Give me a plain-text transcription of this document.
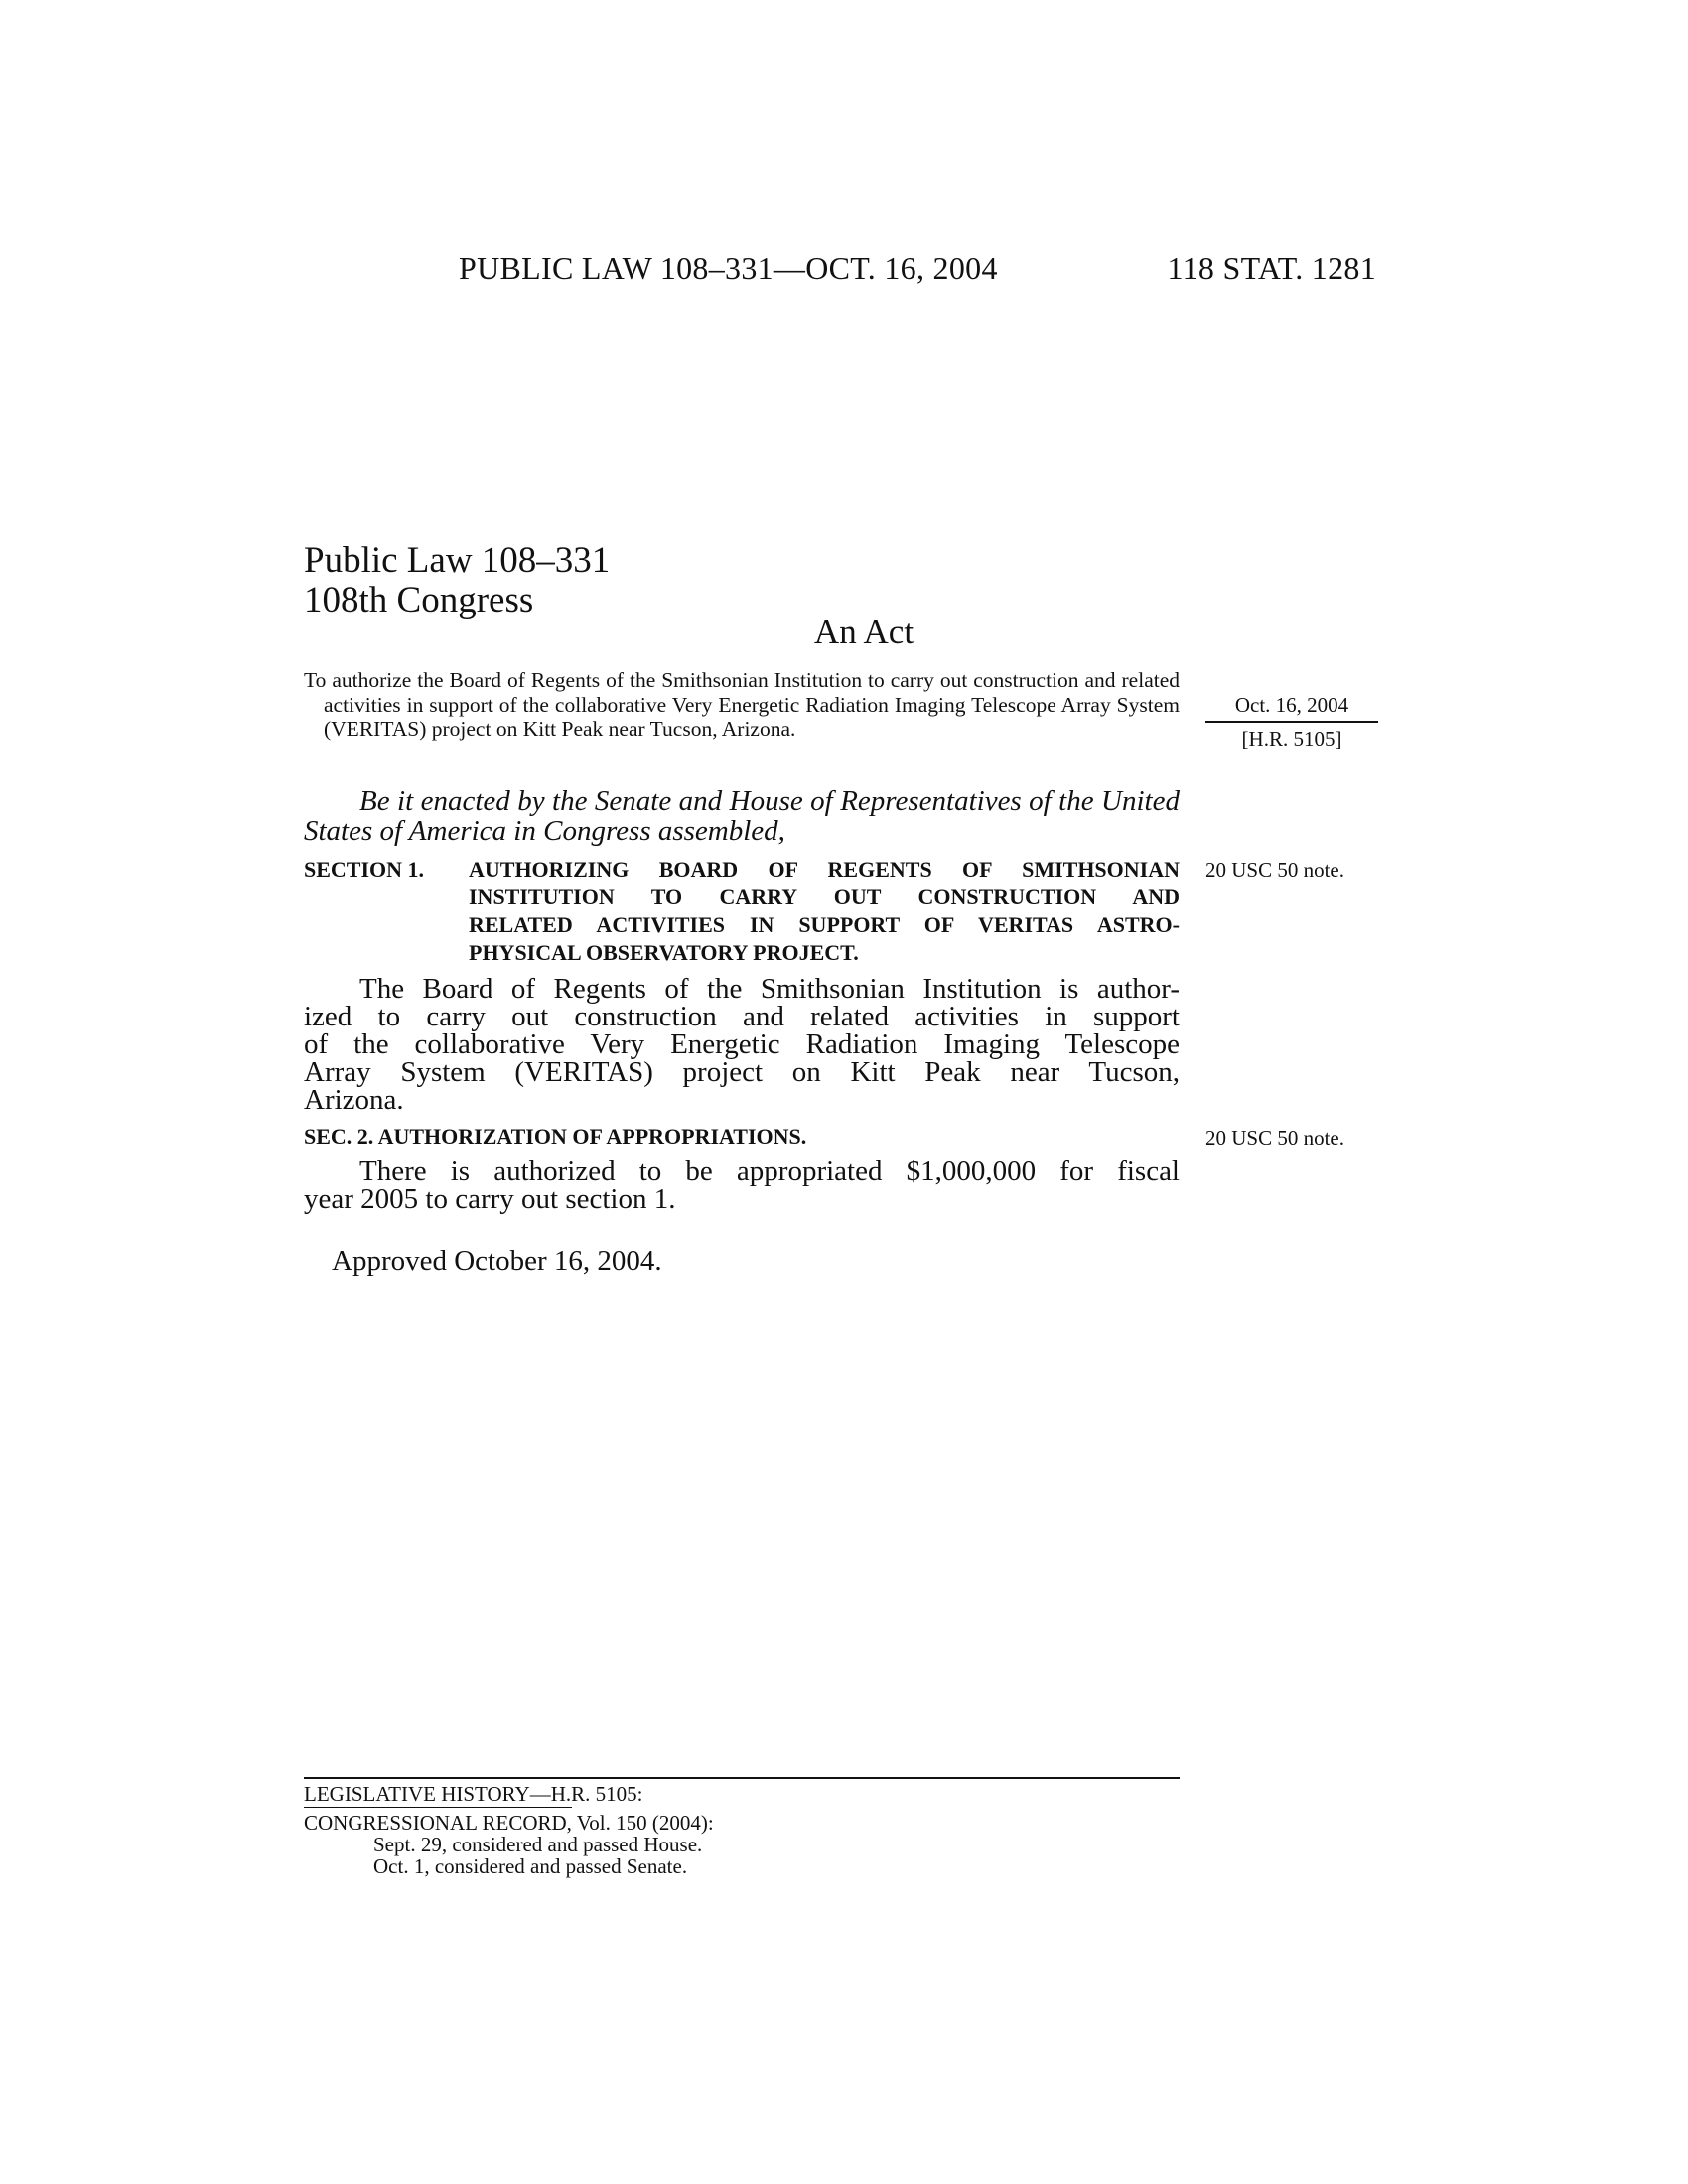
PUBLIC LAW 108–331—OCT. 16, 2004	118 STAT. 1281
Public Law 108–331
108th Congress
An Act
To authorize the Board of Regents of the Smithsonian Institution to carry out construction and related activities in support of the collaborative Very Energetic Radiation Imaging Telescope Array System (VERITAS) project on Kitt Peak near Tucson, Arizona.
Oct. 16, 2004
[H.R. 5105]
Be it enacted by the Senate and House of Representatives of the United States of America in Congress assembled,
SECTION 1. AUTHORIZING BOARD OF REGENTS OF SMITHSONIAN
INSTITUTION TO CARRY OUT CONSTRUCTION AND
RELATED ACTIVITIES IN SUPPORT OF VERITAS ASTRO-
PHYSICAL OBSERVATORY PROJECT.
20 USC 50 note.
The Board of Regents of the Smithsonian Institution is author-
ized to carry out construction and related activities in support
of the collaborative Very Energetic Radiation Imaging Telescope
Array System (VERITAS) project on Kitt Peak near Tucson,
Arizona.
SEC. 2. AUTHORIZATION OF APPROPRIATIONS.	20 USC 50 note.
There is authorized to be appropriated $1,000,000 for fiscal
year 2005 to carry out section 1.
Approved October 16, 2004.
LEGISLATIVE HISTORY—H.R. 5105:
CONGRESSIONAL RECORD, Vol. 150 (2004):
Sept. 29, considered and passed House.
Oct. 1, considered and passed Senate.
